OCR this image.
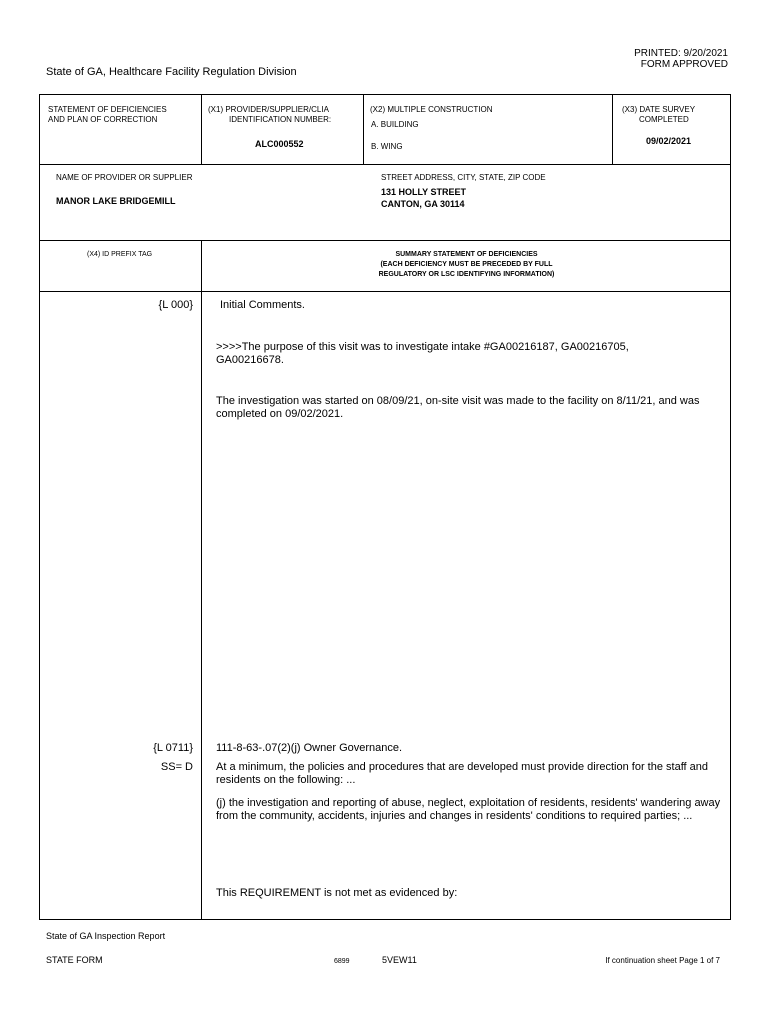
PRINTED: 9/20/2021
FORM APPROVED
State of GA, Healthcare Facility Regulation Division
STATEMENT OF DEFICIENCIES
AND PLAN OF CORRECTION
(X1) PROVIDER/SUPPLIER/CLIA
IDENTIFICATION NUMBER:
ALC000552
(X2) MULTIPLE CONSTRUCTION
A. BUILDING
B. WING
(X3) DATE SURVEY
COMPLETED
09/02/2021
NAME OF PROVIDER OR SUPPLIER
MANOR LAKE BRIDGEMILL
STREET ADDRESS, CITY, STATE, ZIP CODE
131 HOLLY STREET
CANTON, GA 30114
(X4) ID PREFIX TAG	SUMMARY STATEMENT OF DEFICIENCIES
(EACH DEFICIENCY MUST BE PRECEDED BY FULL
REGULATORY OR LSC IDENTIFYING INFORMATION)
{L 000} Initial Comments.
>>>>The purpose of this visit was to investigate intake #GA00216187, GA00216705, GA00216678.
The investigation was started on 08/09/21, on-site visit was made to the facility on 8/11/21, and was completed on 09/02/2021.
{L 0711}
SS= D
111-8-63-.07(2)(j) Owner Governance.
At a minimum, the policies and procedures that are developed must provide direction for the staff and residents on the following: ...
(j) the investigation and reporting of abuse, neglect, exploitation of residents, residents' wandering away from the community, accidents, injuries and changes in residents' conditions to required parties; ...
This REQUIREMENT is not met as evidenced by:
State of GA Inspection Report
STATE FORM	6899	5VEW11	If continuation sheet Page 1 of 7
